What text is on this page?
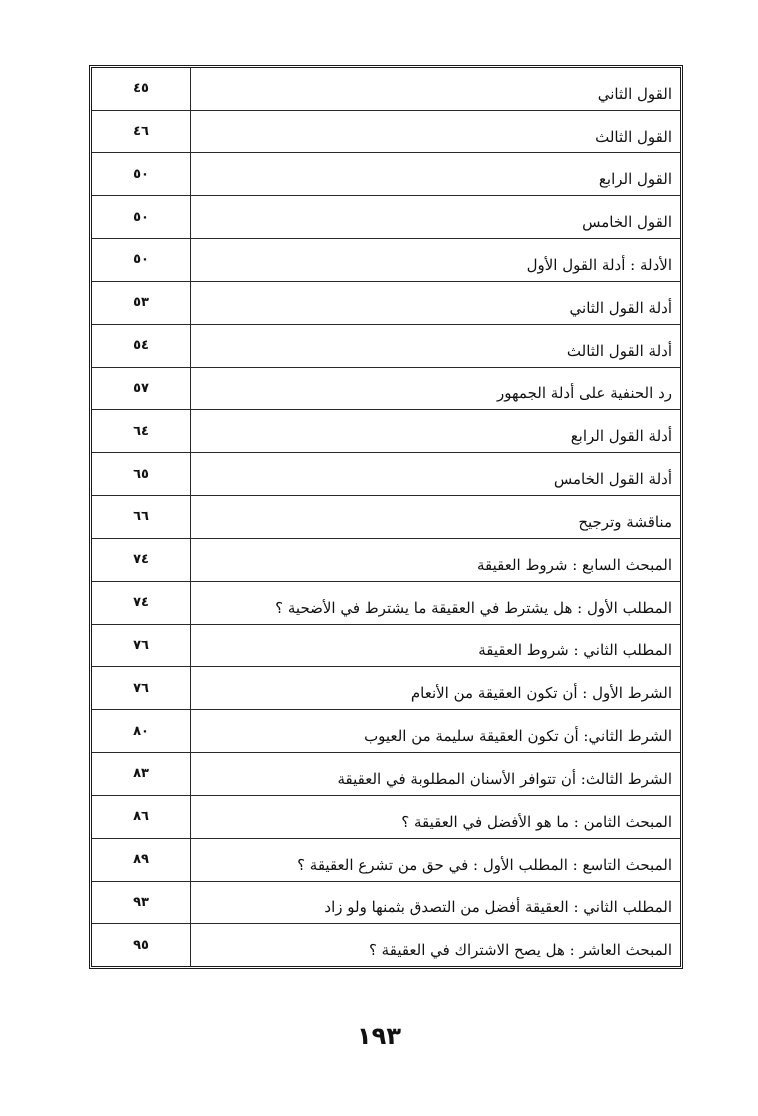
القول الثاني	٤٥
القول الثالث	٤٦
القول الرابع	٥٠
القول الخامس	٥٠
الأدلة : أدلة القول الأول	٥٠
أدلة القول الثاني	٥٣
أدلة القول الثالث	٥٤
رد الحنفية على أدلة الجمهور	٥٧
أدلة القول الرابع	٦٤
أدلة القول الخامس	٦٥
مناقشة وترجيح	٦٦
المبحث السابع : شروط العقيقة	٧٤
المطلب الأول : هل يشترط في العقيقة ما يشترط في الأضحية ؟	٧٤
المطلب الثاني : شروط العقيقة	٧٦
الشرط الأول : أن تكون العقيقة من الأنعام	٧٦
الشرط الثاني: أن تكون العقيقة سليمة من العيوب	٨٠
الشرط الثالث: أن تتوافر الأسنان المطلوبة في العقيقة	٨٣
المبحث الثامن : ما هو الأفضل في العقيقة ؟	٨٦
المبحث التاسع : المطلب الأول : في حق من تشرع العقيقة ؟	٨٩
المطلب الثاني : العقيقة أفضل من التصدق بثمنها ولو زاد	٩٣
المبحث العاشر : هل يصح الاشتراك في العقيقة ؟	٩٥
١٩٣
